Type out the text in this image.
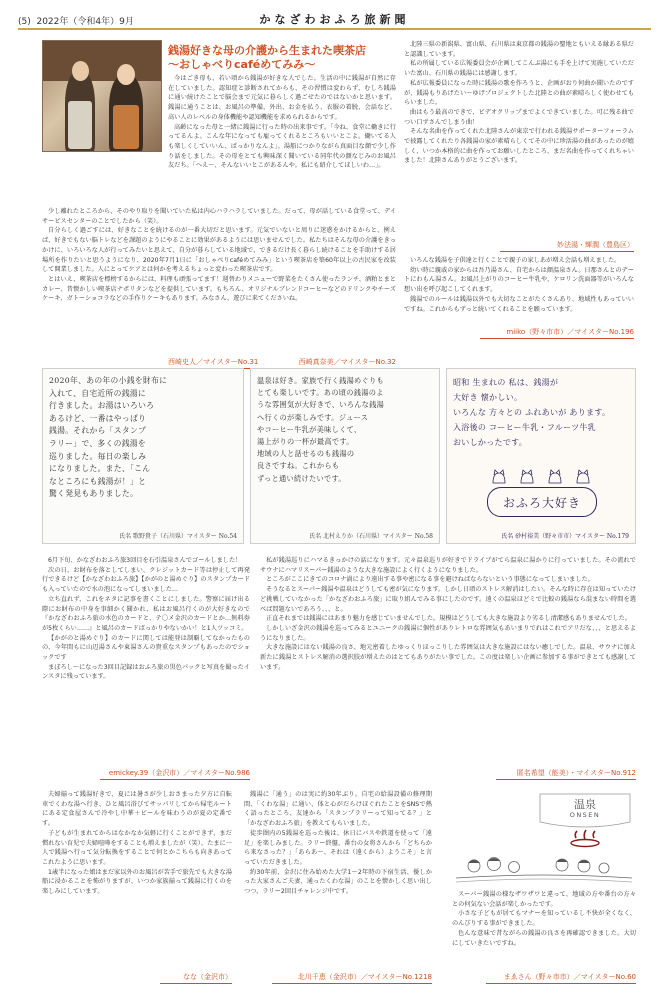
(5) 2022年（令和4年）9月	かなざわおふろ旅新聞
銭湯好きな母の介護から生まれた喫茶店
〜おしゃべりcaféめてみみ〜

今はごき母も、若い頃から銭湯が好きな人でした。生活の中に銭湯が自然に存在していました。認知症と診断されてからも、その習慣は変わらず、むしろ銭湯に通い続けたことで脳会まで元気に暮らしく過ごせたのではないかと思います。銭湯に通うことは、お風呂の準備、外出、お金を払う、衣服の着脱、会話など、高い人のレベルの身体機能や認知機能を求められるからです。

高齢になった母と一緒に銭湯に行った時の出来事です。「今ね、食堂に働きに行ってるんよ。こんな年になっても雇ってくれるところもいいとこよ。働いてる人も楽しくしていいん、ばっかりなんよ」。湯船につかりながら真面目な顔で少し作り話をしました。その母をとても興味深く聞いている同年代の顔なじみのお風呂友だち。「へえ〜、そんないいとこがあるんや。私にも紹介してほしいわ…」。

少し離れたところから、そのやり取りを聞いていた私は内心ハラハラしていました。だって、母が話している食堂って、デイサービスセンターのことでしたから（笑）。

自分らしく過ごすには、好きなことを続けるのが一番大切だと思います。元気でいないと周りに迷惑をかけるからと、例えば、好きでもない脳トレなどを課題のようにやることに効果があるようには思いませんでした。私たちはそんな母の介護をきっかけに、いろいろな人が行ってみたいと思えて、自分が暮らしている地域で、できるだけ長く暮らし続けることを手助けする居場所を作りたいと思うようになり、2020年7月1日に「おしゃべりcaféめてみみ」という喫茶店を築60年以上の古民家を改装して開業しました。人にとってケアとは何かを考えるちょっと変わった喫茶店です。

とはいえ、喫茶店を標榜するからには、料理も頑張ってます！週替わりメニューで野菜をたくさん使ったランチ、酒粕とまとカレー、昔懐かしい喫茶店ナポリタンなどを提供しています。もちろん、オリジナルブレンドコーヒーなどのドリンクやチーズケーキ、ガトーショコラなどの手作りケーキもあります。みなさん、遊びに来てくださいね。

西崎史人／マイスターNo.31	西崎真奈美／マイスターNo.32

北陸三県の新潟県、富山県、石川県は東京都の銭湯の聖地ともいえる縁ある県だと認識しています。

私の所属している広報委員会が企画してこんぶ湯にも手を上げて実施していただいた富山、石川県の銭湯には感謝します。

私が広報委員になった時に銭湯の歌を作ろうと、企画がおり何曲か聞いたのですが、銭湯もりあげたい〜ゆげプロジェクトした北陸との曲が素晴らしく使わせてもらいました。

曲はもう最高のできで、ビデオクリップまでよくできていました。可に残る曲でつい口ずさんでしまう曲！

そんな名曲を作ってくれた北陸さんが東京で行われる銭湯サポーターフォーラムで披露してくれたり各銭湯の家が素晴らしくてその中に珍活湯の曲があったのが嬉しく、いつか本格的に曲を作ってお願いしたところ、まだ名曲を作ってくれちゃいました！北陸さんありがとうございます。

妙法湯・輝潤（豊島区）

いろんな銭湯を子供達と行くことで親子の家しあが増え会話も増えました。

幼い時に親戚の家からは吾乃湯さん、自宅からは顔温泉さん。日那さんとのデートにわもん湯さん。お風呂上がりのコーヒー牛乳や、ケロリン洗面器等がいろんな想い出を呼び起こしてくれます。

銭湯でのルールは銭湯以外でも大切なことがたくさんあり、地域性もあっていいですね。これからもずっと続いてくれることを願っています。

miiko（野々市市）／マイスターNo.196
2020年、あの年の小銭を財布に
入れて、自宅近所の銭湯に
行きました。お湯はいろいろ
あるけど、一番はやっぱり
銭湯。それから「スタンプ
ラリー」で、多くの銭湯を
巡りました。毎日の楽しみ
になりました。また、「こん
なところにも銭湯が！」と
驚く発見もありました。
氏名 歌野貴子（石川県）マイスター No.54
温泉は好き。家族で行く銭湯めぐりも
とても楽しいです。あの頃の銭湯のよ
うな雰囲気が大好きで、いろんな銭湯
へ行くのが楽しみです。ジュース
やコーヒー牛乳が美味しくて、
湯上がりの一杯が最高です。
地域の人と話せるのも銭湯の
良さですね。これからも
ずっと通い続けたいです。
氏名 北村えりか（石川県）マイスター No.58
昭和 生まれの 私は、銭湯が
大好き 懐かしい。
いろんな 方々との ふれあいが あります。
入浴後の コーヒー牛乳・フルーツ牛乳
おいしかったです。
おふろ大好き
氏名 砂村裕美（野々市市）マイスター No.179

6月下旬、かなざわおふろ旅3回目を石引温泉さんでゴールしました！

次の日、お財布を落としてしまい、クレジットカード等は停止して再発行できるけど【かなざわおふろ旅】【かがのと湯めぐり】のスタンプカードも入っていたので水の泡になってしまいました…

立ち直れず、これをネタに記事を書くことにしました。警察に届け出る際にお財布の中身を事細かく聞かれ、私はお風呂行くのが大好きなので『かなざわおふろ旅の水色のカードと、テ〇メ金沢のカードとか…無料券が5枚くらい……』と風呂のカードばっかりやないかい！と1人ツッコミ。

【かがのと湯めぐり】のカードに関しては能登は制覇してなかったものの、今年間もに山辺湯さんや東湯さんの貴重なスタンプもあったのでショックです

まぼろし〜になった3回目記録はおふろ旅の黒色パックと写真を撮ったインスタに残っています。

emickey.39（金沢市）／マイスターNo.986

私が銭湯巡りにハマるきっかけの話になります。元々温泉巡りが好きでドライブがてら温泉に湯かりに行っていました。その流れでサウナにハマリスーパー銭湯のような大きな施設によく行くようになりました。

ところがここにきてのコロナ渦により遠出する事や密になる事を避けねばならないという事態になってしまいました。

そうなるとスーパー銭湯や温泉はどうしても密が気になります。しかし日頃のストレス解消はしたい。そんな時に存在は知っていたけど挑戦していなかった「かなざわおふろ旅」に取り組んでみる事にしたのです。遠くの温泉ほどミで比較の銭湯なら混まない時間を選べば問題ないであろう、、、と。

正直それまでは銭湯にはあまり魅力を感じていませんでした。規模はどうしても大きな施設より劣るし清潔感もありませんでした。

しかしいざ金沢の銭湯を巡ってみるとユニークの銭湯に個性がありレトロな雰囲気もあいまりでれはこれでアリだな、、、と思えるようになりました。

大きな施設にはない銭湯の良さ、地元密着したゆっくりほっこりした雰囲気は大きな施設にはない癒しでした。温泉、サウナに加え新たに銭湯とストレス解消の選択肢が増えたのはとてもありがたい事でした。この度は楽しい企画に参加する事ができとても感謝しています。

匿名希望（能美）・マイスターNo.912

夫婦揃って銭湯好きで、夏には暑さが少しおさまった夕方に自転車でくわな湯へ行き、ひと風呂浴びてサッパリしてから帰宅ルートにある定食屋さんで冷やし中華＋ビールを味わうのが夏の定番です。

子どもが生まれてからはなかなか気軽に行くことができず、まだ慣れない育児で夫婦喧嘩をすることも増えましたが（笑）、たまに一人で銭湯へ行って気分転換をすることで何とかこちらも向きあってこれたように思います。

1歳半になった娘はまだ家以外のお風呂が苦手で旅先でも大きな湯船に浸かることを怖がりますが、いつか家族揃って銭湯に行くのを楽しみにしています。

なな（金沢市）

銭湯に「通う」のは実に約30年ぶり。自宅の給湯設備の修理期間、「くわな湯」に通い、体と心がだらけほぐれたことをSNSで熱く語ったところ、友達から「スタンプラリーって知ってる？」と「かなざわおふろ旅」を教えてもらいました。

徒歩圏内の5銭湯を巡った後は、休日にバスや鉄道を使って「遠足」を楽しみました。ラリー終盤、番台の女将さんから「どちらから来なさった？」「あらあ〜、それは（遠くから）ようこそ」と言っていただきました。

約30年前、金沢に住み始めた大学1〜2年時の下宿生活、優しかった大家さんご夫妻、通ったくわな湯」のことを懐かしく思い出しつつ、ラリー2回目チャレンジ中です。

北川千恵（金沢市）／マイスターNo.1218
温泉
ONSEN

スーパー銭湯の様なザワザワと違って、地域の方や番台の方々との何気ない会話が楽しかったです。

小さな子どもが居てもマナーを知っているし不快が全くなく、のんびりする事ができました。

色んな意味で昔ながらの銭湯の良さを再確認できました。大切にしていきたいですね。

まゑさん（野々市市）／マイスターNo.60
